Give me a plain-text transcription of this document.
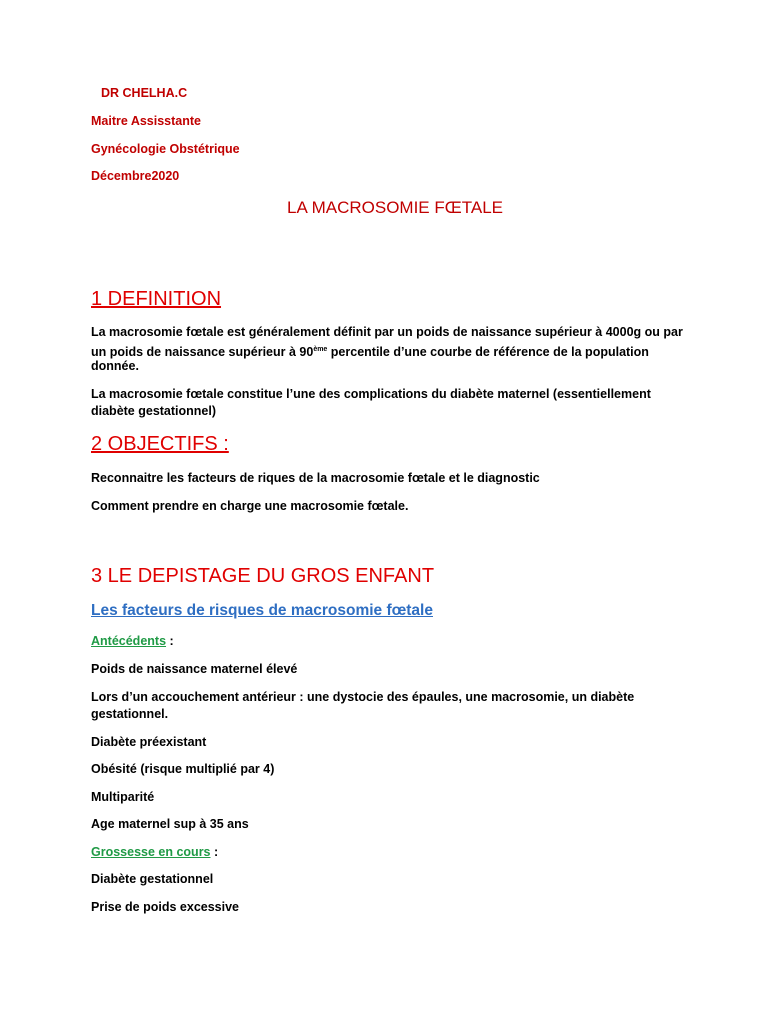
DR CHELHA.C

Maitre Assisstante

Gynécologie Obstétrique

Décembre2020

LA MACROSOMIE FŒTALE

1 DEFINITION

La macrosomie fœtale est généralement définit par un poids de naissance supérieur à 4000g ou par

un poids de naissance supérieur à 90ème percentile d’une courbe de référence de la population

donnée.

La macrosomie fœtale constitue l’une des complications du diabète maternel (essentiellement

diabète gestationnel)

2 OBJECTIFS :

Reconnaitre les facteurs de riques de la macrosomie fœtale et le diagnostic

Comment prendre en charge une macrosomie fœtale.

3 LE DEPISTAGE DU GROS ENFANT

Les facteurs de risques de macrosomie fœtale

Antécédents :

Poids de naissance maternel élevé

Lors d’un accouchement antérieur : une dystocie des épaules, une macrosomie, un diabète

gestationnel.

Diabète préexistant

Obésité (risque multiplié par 4)

Multiparité

Age maternel sup à 35 ans

Grossesse en cours :

Diabète gestationnel

Prise de poids excessive
